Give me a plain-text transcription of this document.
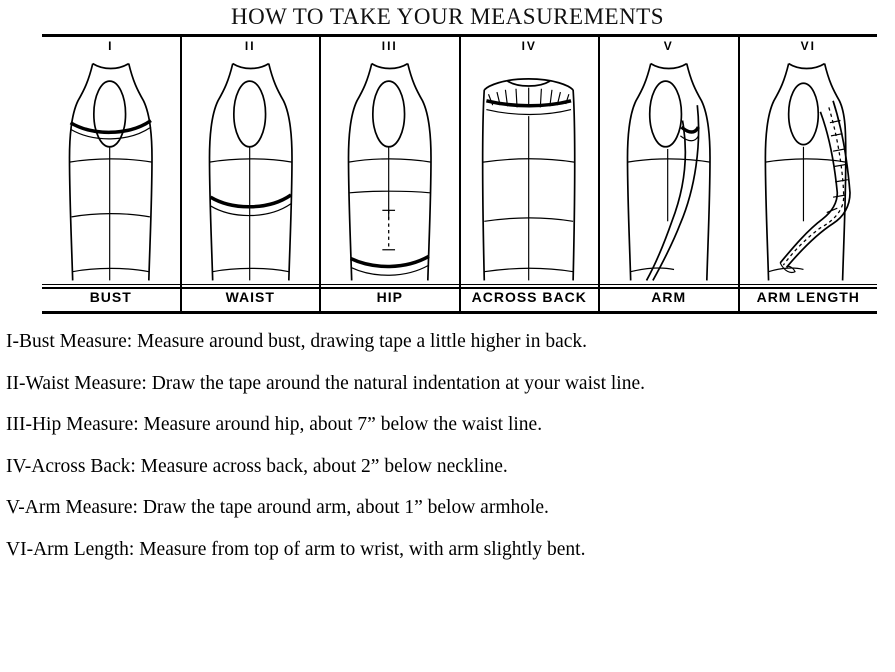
HOW TO TAKE YOUR MEASUREMENTS
I	II	III	IV	V	VI
BUST	WAIST	HIP	ACROSS BACK	ARM	ARM LENGTH
I-Bust Measure: Measure around bust, drawing tape a little higher in back.
II-Waist Measure: Draw the tape around the natural indentation at your waist line.
III-Hip Measure: Measure around hip, about 7” below the waist line.
IV-Across Back: Measure across back, about 2” below neckline.
V-Arm Measure: Draw the tape around arm, about 1” below armhole.
VI-Arm Length: Measure from top of arm to wrist, with arm slightly bent.
